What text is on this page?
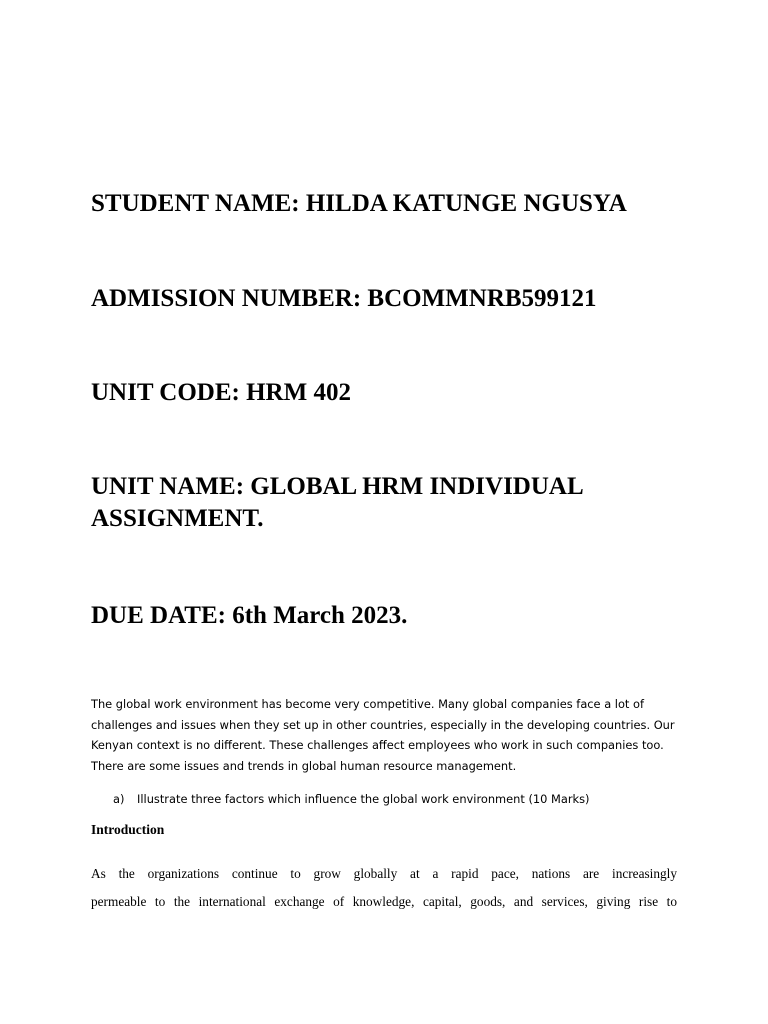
STUDENT NAME: HILDA KATUNGE NGUSYA
ADMISSION NUMBER: BCOMMNRB599121
UNIT CODE: HRM 402
UNIT NAME: GLOBAL HRM INDIVIDUAL
ASSIGNMENT.
DUE DATE: 6th March 2023.

The global work environment has become very competitive. Many global companies face a lot of
challenges and issues when they set up in other countries, especially in the developing countries. Our
Kenyan context is no different. These challenges affect employees who work in such companies too.
There are some issues and trends in global human resource management.

a) Illustrate three factors which influence the global work environment (10 Marks)

Introduction

As the organizations continue to grow globally at a rapid pace, nations are increasingly
permeable to the international exchange of knowledge, capital, goods, and services, giving rise to
